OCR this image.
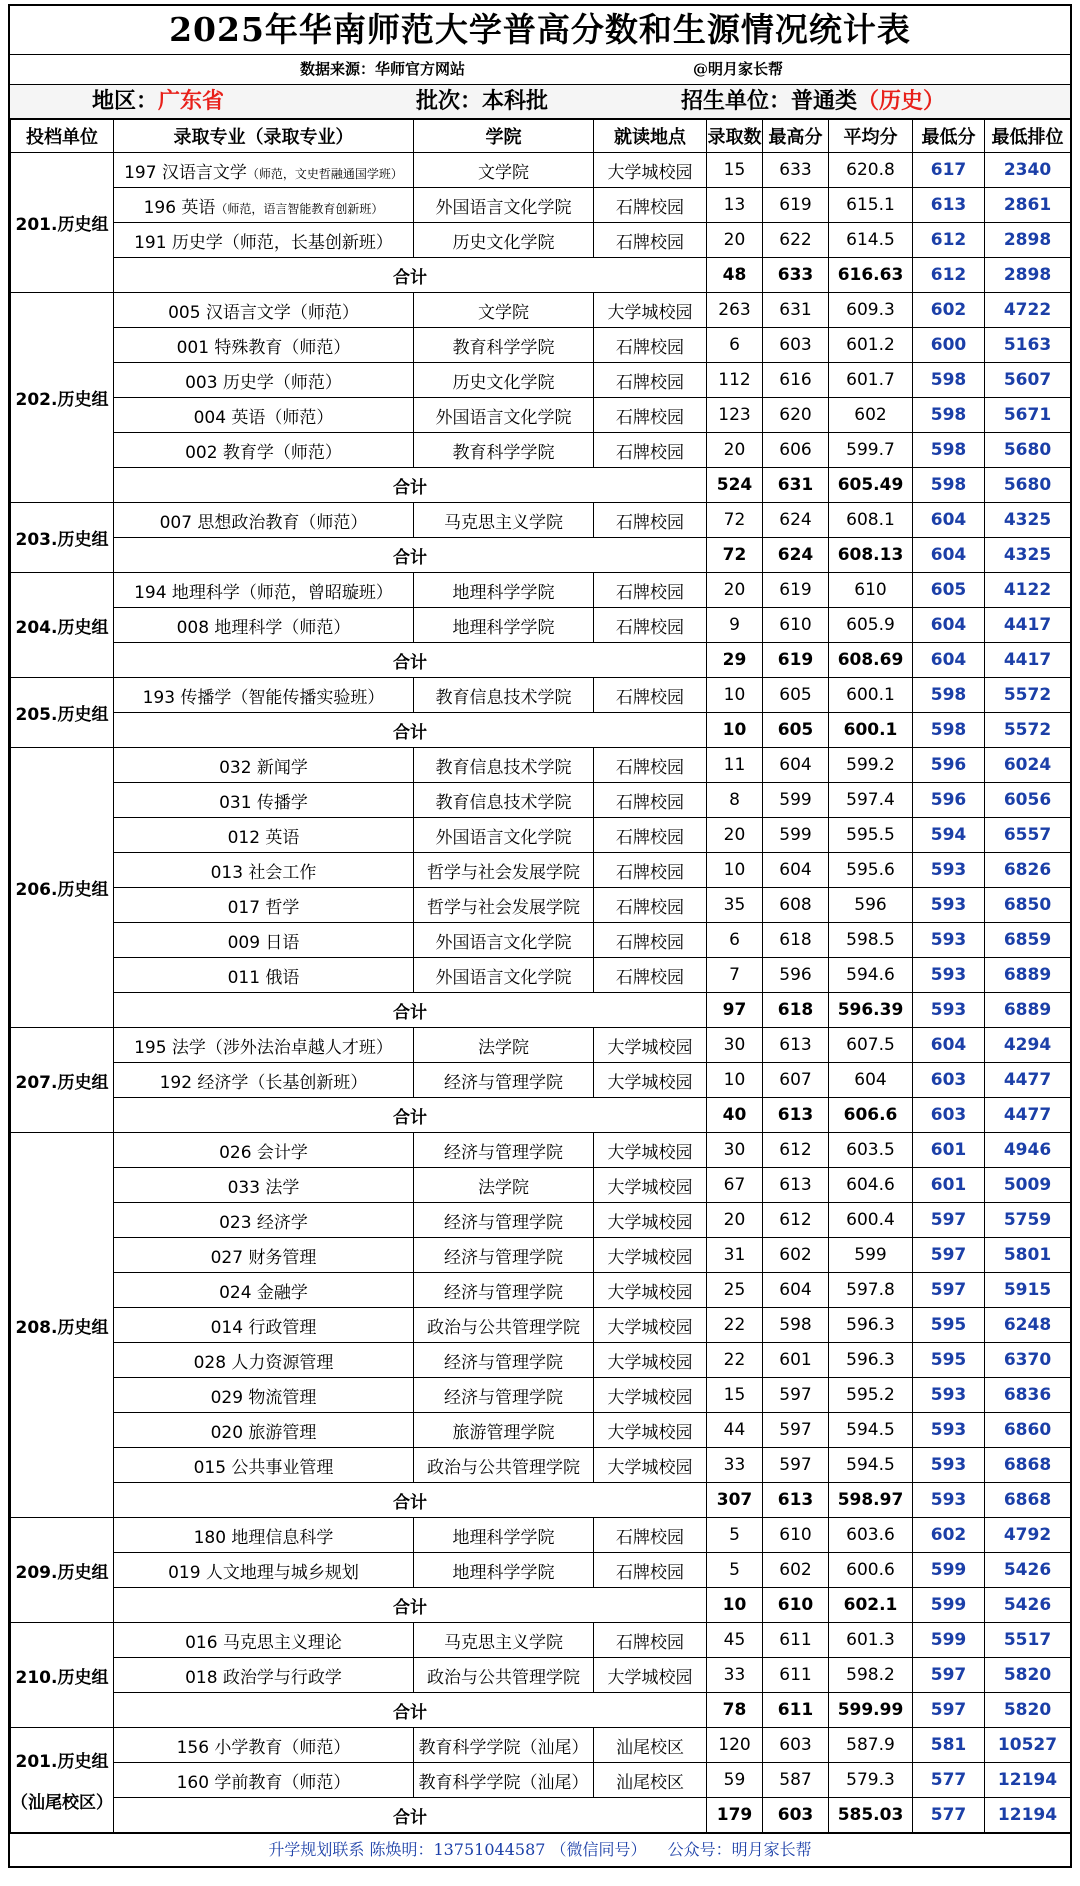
2025年华南师范大学普高分数和生源情况统计表
数据来源：华师官方网站	@明月家长帮
地区：广东省	批次：本科批	招生单位：普通类（历史）
投档单位	录取专业（录取专业）	学院	就读地点	录取数	最高分	平均分	最低分	最低排位

201.历史组	197 汉语言文学（师范，文史哲融通国学班）	文学院	大学城校园	15	633	620.8	617	2340
	196 英语（师范，语言智能教育创新班）	外国语言文化学院	石牌校园	13	619	615.1	613	2861
	191 历史学（师范，长基创新班）	历史文化学院	石牌校园	20	622	614.5	612	2898
	合计			48	633	616.63	612	2898

202.历史组	005 汉语言文学（师范）	文学院	大学城校园	263	631	609.3	602	4722
	001 特殊教育（师范）	教育科学学院	石牌校园	6	603	601.2	600	5163
	003 历史学（师范）	历史文化学院	石牌校园	112	616	601.7	598	5607
	004 英语（师范）	外国语言文化学院	石牌校园	123	620	602	598	5671
	002 教育学（师范）	教育科学学院	石牌校园	20	606	599.7	598	5680
	合计			524	631	605.49	598	5680

203.历史组	007 思想政治教育（师范）	马克思主义学院	石牌校园	72	624	608.1	604	4325
	合计			72	624	608.13	604	4325

204.历史组	194 地理科学（师范，曾昭璇班）	地理科学学院	石牌校园	20	619	610	605	4122
	008 地理科学（师范）	地理科学学院	石牌校园	9	610	605.9	604	4417
	合计			29	619	608.69	604	4417

205.历史组	193 传播学（智能传播实验班）	教育信息技术学院	石牌校园	10	605	600.1	598	5572
	合计			10	605	600.1	598	5572

206.历史组	032 新闻学	教育信息技术学院	石牌校园	11	604	599.2	596	6024
	031 传播学	教育信息技术学院	石牌校园	8	599	597.4	596	6056
	012 英语	外国语言文化学院	石牌校园	20	599	595.5	594	6557
	013 社会工作	哲学与社会发展学院	石牌校园	10	604	595.6	593	6826
	017 哲学	哲学与社会发展学院	石牌校园	35	608	596	593	6850
	009 日语	外国语言文化学院	石牌校园	6	618	598.5	593	6859
	011 俄语	外国语言文化学院	石牌校园	7	596	594.6	593	6889
	合计			97	618	596.39	593	6889

207.历史组	195 法学（涉外法治卓越人才班）	法学院	大学城校园	30	613	607.5	604	4294
	192 经济学（长基创新班）	经济与管理学院	大学城校园	10	607	604	603	4477
	合计			40	613	606.6	603	4477

208.历史组	026 会计学	经济与管理学院	大学城校园	30	612	603.5	601	4946
	033 法学	法学院	大学城校园	67	613	604.6	601	5009
	023 经济学	经济与管理学院	大学城校园	20	612	600.4	597	5759
	027 财务管理	经济与管理学院	大学城校园	31	602	599	597	5801
	024 金融学	经济与管理学院	大学城校园	25	604	597.8	597	5915
	014 行政管理	政治与公共管理学院	大学城校园	22	598	596.3	595	6248
	028 人力资源管理	经济与管理学院	大学城校园	22	601	596.3	595	6370
	029 物流管理	经济与管理学院	大学城校园	15	597	595.2	593	6836
	020 旅游管理	旅游管理学院	大学城校园	44	597	594.5	593	6860
	015 公共事业管理	政治与公共管理学院	大学城校园	33	597	594.5	593	6868
	合计			307	613	598.97	593	6868

209.历史组	180 地理信息科学	地理科学学院	石牌校园	5	610	603.6	602	4792
	019 人文地理与城乡规划	地理科学学院	石牌校园	5	602	600.6	599	5426
	合计			10	610	602.1	599	5426

210.历史组	016 马克思主义理论	马克思主义学院	石牌校园	45	611	601.3	599	5517
	018 政治学与行政学	政治与公共管理学院	大学城校园	33	611	598.2	597	5820
	合计			78	611	599.99	597	5820

201.历史组
（汕尾校区）	156 小学教育（师范）	教育科学学院（汕尾）	汕尾校区	120	603	587.9	581	10527
	160 学前教育（师范）	教育科学学院（汕尾）	汕尾校区	59	587	579.3	577	12194
	合计			179	603	585.03	577	12194
升学规划联系 陈焕明：13751044587 （微信同号） 公众号：明月家长帮
